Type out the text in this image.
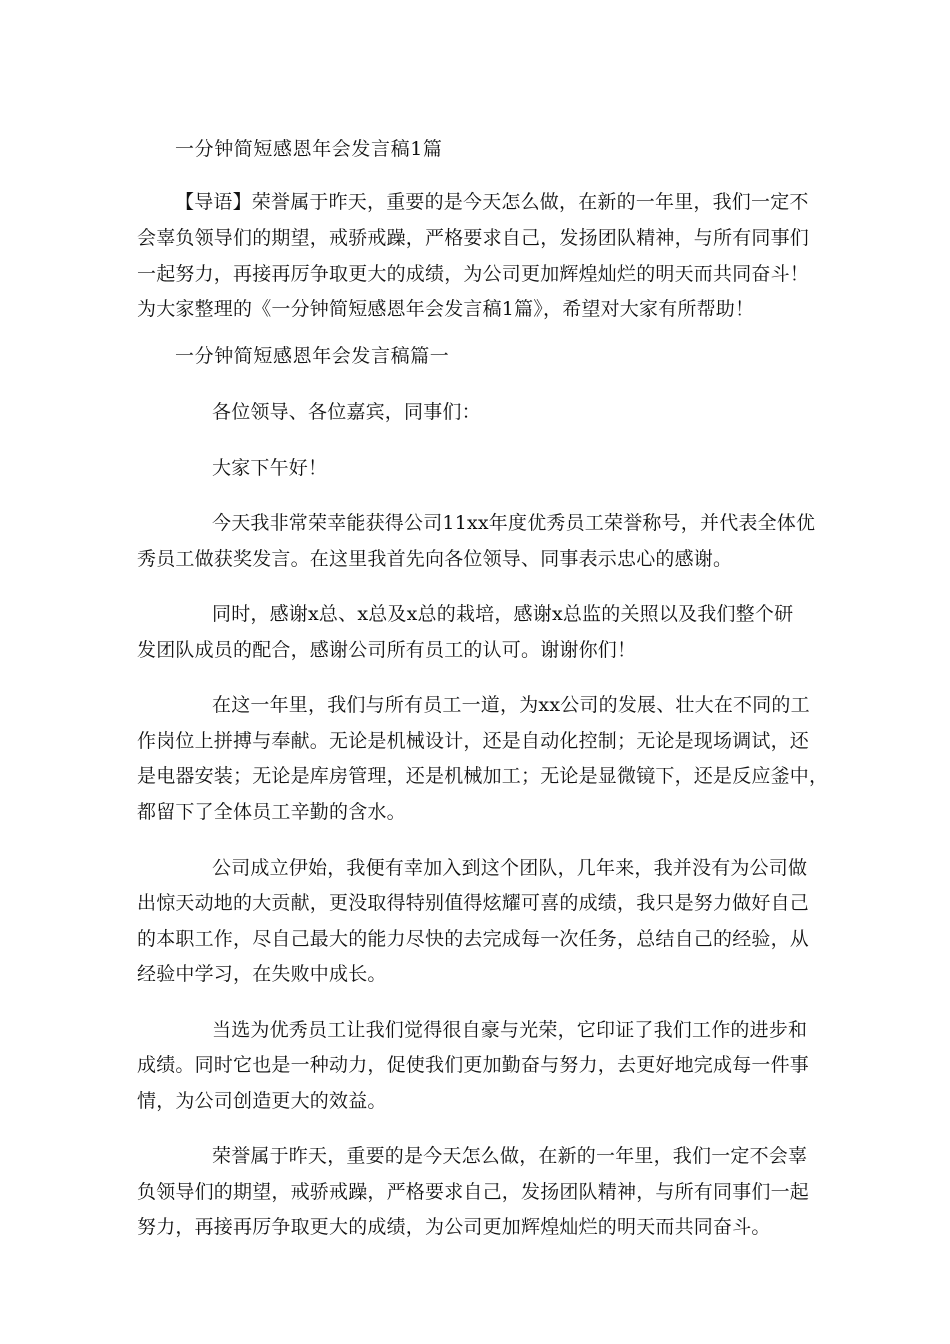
一分钟简短感恩年会发言稿1篇
【导语】荣誉属于昨天，重要的是今天怎么做，在新的一年里，我们一定不
会辜负领导们的期望，戒骄戒躁，严格要求自己，发扬团队精神，与所有同事们
一起努力，再接再厉争取更大的成绩，为公司更加辉煌灿烂的明天而共同奋斗！
为大家整理的《一分钟简短感恩年会发言稿1篇》，希望对大家有所帮助！
一分钟简短感恩年会发言稿篇一
各位领导、各位嘉宾，同事们：
大家下午好！
今天我非常荣幸能获得公司11xx年度优秀员工荣誉称号，并代表全体优
秀员工做获奖发言。在这里我首先向各位领导、同事表示忠心的感谢。
同时，感谢x总、x总及x总的栽培，感谢x总监的关照以及我们整个研
发团队成员的配合，感谢公司所有员工的认可。谢谢你们！
在这一年里，我们与所有员工一道，为xx公司的发展、壮大在不同的工
作岗位上拼搏与奉献。无论是机械设计，还是自动化控制；无论是现场调试，还
是电器安装；无论是库房管理，还是机械加工；无论是显微镜下，还是反应釜中，
都留下了全体员工辛勤的含水。
公司成立伊始，我便有幸加入到这个团队，几年来，我并没有为公司做
出惊天动地的大贡献，更没取得特别值得炫耀可喜的成绩，我只是努力做好自己
的本职工作，尽自己最大的能力尽快的去完成每一次任务，总结自己的经验，从
经验中学习，在失败中成长。
当选为优秀员工让我们觉得很自豪与光荣，它印证了我们工作的进步和
成绩。同时它也是一种动力，促使我们更加勤奋与努力，去更好地完成每一件事
情，为公司创造更大的效益。
荣誉属于昨天，重要的是今天怎么做，在新的一年里，我们一定不会辜
负领导们的期望，戒骄戒躁，严格要求自己，发扬团队精神，与所有同事们一起
努力，再接再厉争取更大的成绩，为公司更加辉煌灿烂的明天而共同奋斗。
